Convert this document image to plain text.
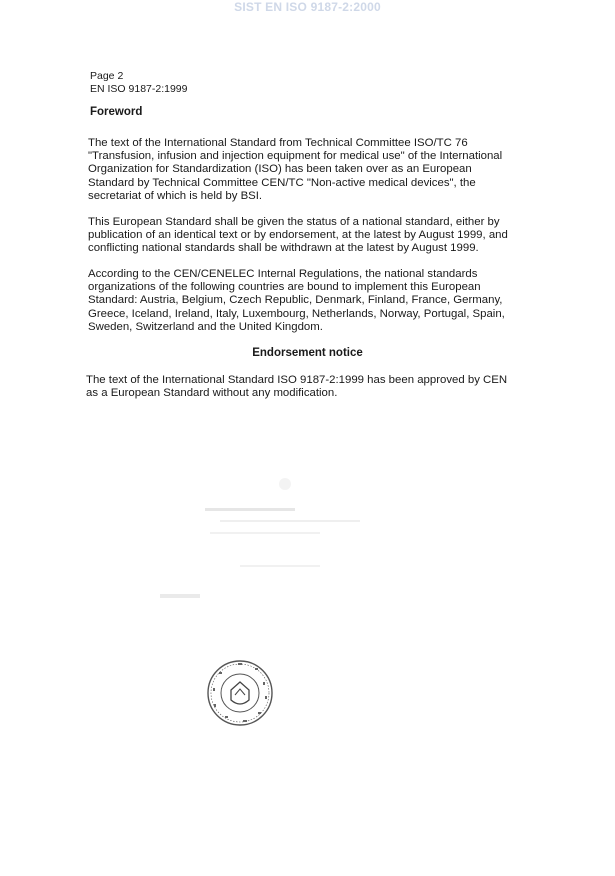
SIST EN ISO 9187-2:2000
Page 2
EN ISO 9187-2:1999
Foreword

The text of the International Standard from Technical Committee ISO/TC 76 "Transfusion, infusion and injection equipment for medical use" of the International Organization for Standardization (ISO) has been taken over as an European Standard by Technical Committee CEN/TC "Non-active medical devices", the secretariat of which is held by BSI.

This European Standard shall be given the status of a national standard, either by publication of an identical text or by endorsement, at the latest by August 1999, and conflicting national standards shall be withdrawn at the latest by August 1999.

According to the CEN/CENELEC Internal Regulations, the national standards organizations of the following countries are bound to implement this European Standard: Austria, Belgium, Czech Republic, Denmark, Finland, France, Germany, Greece, Iceland, Ireland, Italy, Luxembourg, Netherlands, Norway, Portugal, Spain, Sweden, Switzerland and the United Kingdom.

Endorsement notice

The text of the International Standard ISO 9187-2:1999 has been approved by CEN as a European Standard without any modification.
